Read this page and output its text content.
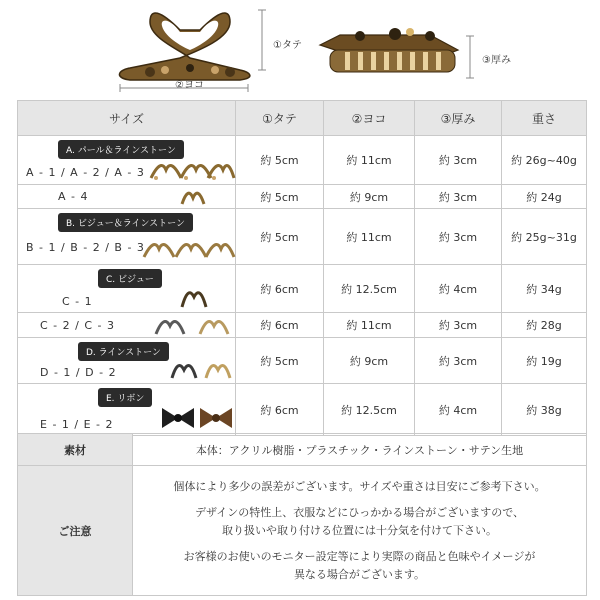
①タテ
②ヨコ
③厚み
サイズ	①タテ	②ヨコ	③厚み	重さ

A. パール＆ラインストーン
A - 1 / A - 2 / A - 3	約 5cm	約 11cm	約 3cm	約 26g~40g

A - 4	約 5cm	約 9cm	約 3cm	約 24g

B. ビジュー＆ラインストーン
B - 1 / B - 2 / B - 3	約 5cm	約 11cm	約 3cm	約 25g~31g

C. ビジュー
C - 1	約 6cm	約 12.5cm	約 4cm	約 34g

C - 2 / C - 3	約 6cm	約 11cm	約 3cm	約 28g

D. ラインストーン
D - 1 / D - 2	約 5cm	約 9cm	約 3cm	約 19g

E. リボン
E - 1 / E - 2	約 6cm	約 12.5cm	約 4cm	約 38g
素材	本体：アクリル樹脂・プラスチック・ラインストーン・サテン生地
ご注意	個体により多少の誤差がございます。サイズや重さは目安にご参考下さい。
デザインの特性上、衣服などにひっかかる場合がございますので、
取り扱いや取り付ける位置には十分気を付けて下さい。
お客様のお使いのモニター設定等により実際の商品と色味やイメージが
異なる場合がございます。
